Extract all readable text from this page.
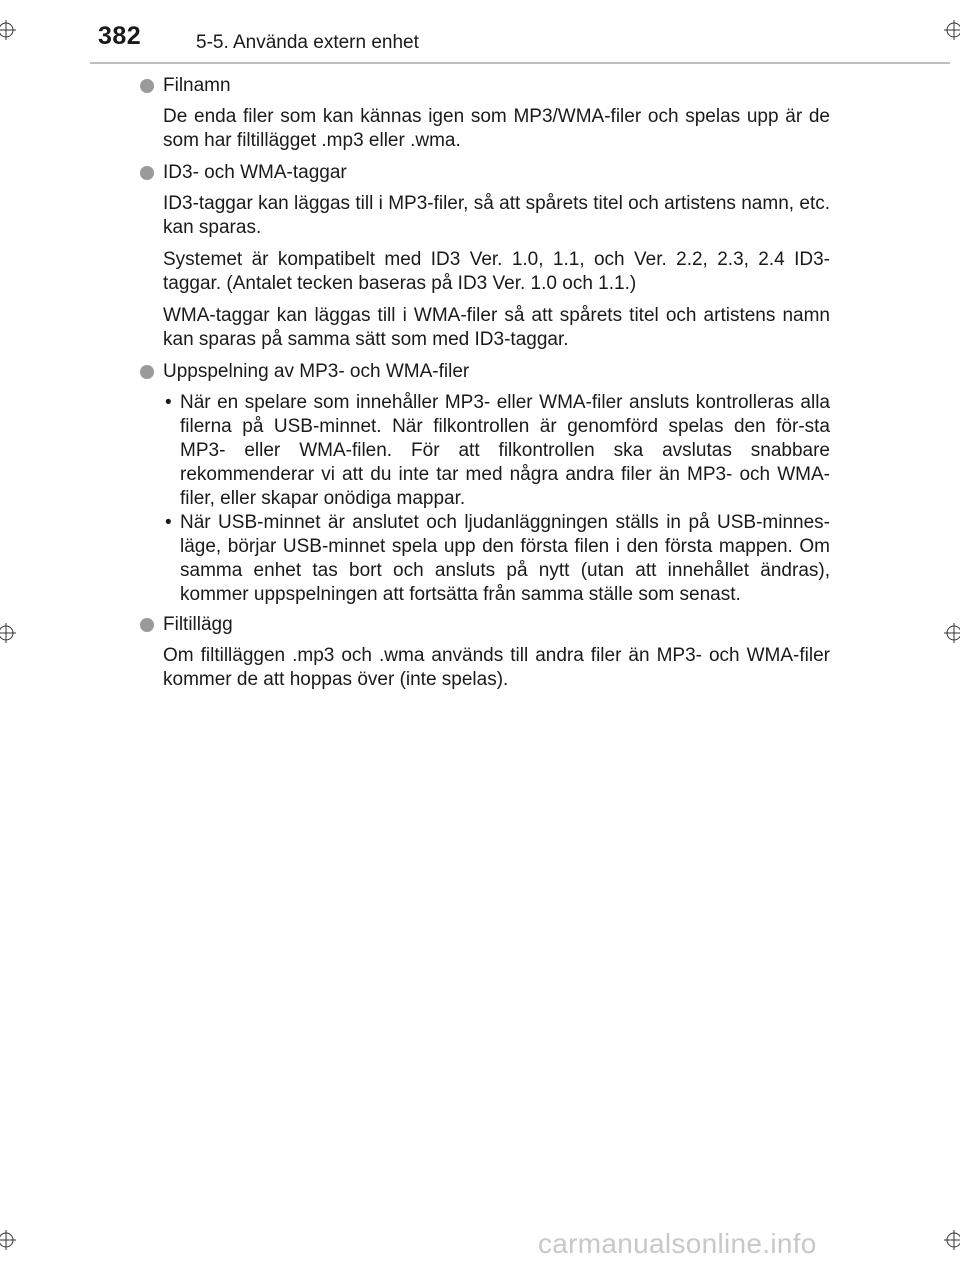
382	5-5. Använda extern enhet
Filnamn

De enda filer som kan kännas igen som MP3/WMA-filer och spelas upp är de som har filtillägget .mp3 eller .wma.

ID3- och WMA-taggar

ID3-taggar kan läggas till i MP3-filer, så att spårets titel och artistens namn, etc. kan sparas.

Systemet är kompatibelt med ID3 Ver. 1.0, 1.1, och Ver. 2.2, 2.3, 2.4 ID3-taggar. (Antalet tecken baseras på ID3 Ver. 1.0 och 1.1.)

WMA-taggar kan läggas till i WMA-filer så att spårets titel och artistens namn kan sparas på samma sätt som med ID3-taggar.

Uppspelning av MP3- och WMA-filer
• När en spelare som innehåller MP3- eller WMA-filer ansluts kontrolleras alla filerna på USB-minnet. När filkontrollen är genomförd spelas den för-sta MP3- eller WMA-filen. För att filkontrollen ska avslutas snabbare rekommenderar vi att du inte tar med några andra filer än MP3- och WMA-filer, eller skapar onödiga mappar.
• När USB-minnet är anslutet och ljudanläggningen ställs in på USB-minnes-läge, börjar USB-minnet spela upp den första filen i den första mappen. Om samma enhet tas bort och ansluts på nytt (utan att innehållet ändras), kommer uppspelningen att fortsätta från samma ställe som senast.
Filtillägg

Om filtilläggen .mp3 och .wma används till andra filer än MP3- och WMA-filer kommer de att hoppas över (inte spelas).

carmanualsonline.info
